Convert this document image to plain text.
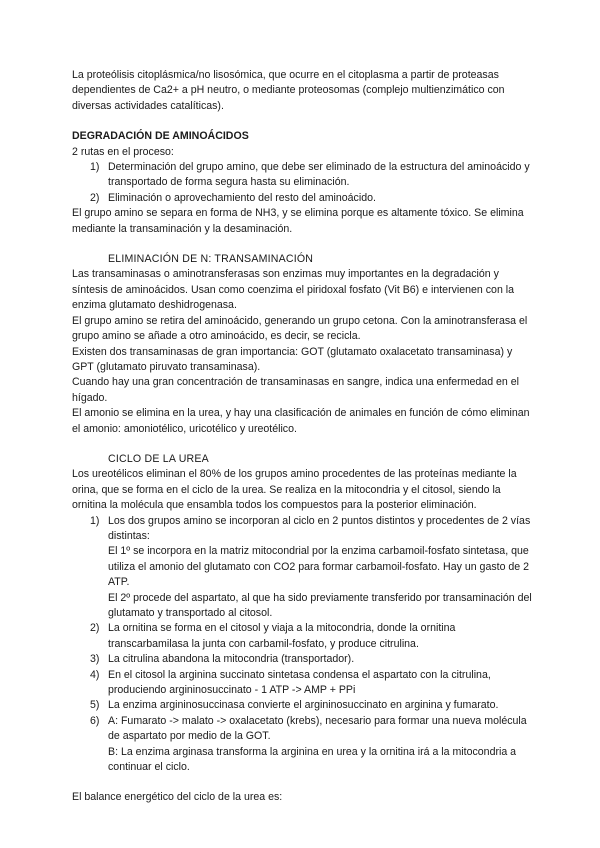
La proteólisis citoplásmica/no lisosómica, que ocurre en el citoplasma a partir de proteasas dependientes de Ca2+ a pH neutro, o mediante proteosomas (complejo multienzimático con diversas actividades catalíticas).

DEGRADACIÓN DE AMINOÁCIDOS

2 rutas en el proceso:

1) Determinación del grupo amino, que debe ser eliminado de la estructura del aminoácido y transportado de forma segura hasta su eliminación.
2) Eliminación o aprovechamiento del resto del aminoácido.

El grupo amino se separa en forma de NH3, y se elimina porque es altamente tóxico. Se elimina mediante la transaminación y la desaminación.

ELIMINACIÓN DE N: TRANSAMINACIÓN

Las transaminasas o aminotransferasas son enzimas muy importantes en la degradación y síntesis de aminoácidos. Usan como coenzima el piridoxal fosfato (Vit B6) e intervienen con la enzima glutamato deshidrogenasa.

El grupo amino se retira del aminoácido, generando un grupo cetona. Con la aminotransferasa el grupo amino se añade a otro aminoácido, es decir, se recicla.

Existen dos transaminasas de gran importancia: GOT (glutamato oxalacetato transaminasa) y GPT (glutamato piruvato transaminasa).

Cuando hay una gran concentración de transaminasas en sangre, indica una enfermedad en el hígado.

El amonio se elimina en la urea, y hay una clasificación de animales en función de cómo eliminan el amonio: amoniotélico, uricotélico y ureotélico.

CICLO DE LA UREA

Los ureotélicos eliminan el 80% de los grupos amino procedentes de las proteínas mediante la orina, que se forma en el ciclo de la urea. Se realiza en la mitocondria y el citosol, siendo la ornitina la molécula que ensambla todos los compuestos para la posterior eliminación.

1) Los dos grupos amino se incorporan al ciclo en 2 puntos distintos y procedentes de 2 vías distintas:
El 1º se incorpora en la matriz mitocondrial por la enzima carbamoil-fosfato sintetasa, que utiliza el amonio del glutamato con CO2 para formar carbamoil-fosfato. Hay un gasto de 2 ATP.
El 2º procede del aspartato, al que ha sido previamente transferido por transaminación del glutamato y transportado al citosol.
2) La ornitina se forma en el citosol y viaja a la mitocondria, donde la ornitina transcarbamilasa la junta con carbamil-fosfato, y produce citrulina.
3) La citrulina abandona la mitocondria (transportador).
4) En el citosol la arginina succinato sintetasa condensa el aspartato con la citrulina, produciendo argininosuccinato - 1 ATP -> AMP + PPi
5) La enzima argininosuccinasa convierte el argininosuccinato en arginina y fumarato.
6) A: Fumarato -> malato -> oxalacetato (krebs), necesario para formar una nueva molécula de aspartato por medio de la GOT.
B: La enzima arginasa transforma la arginina en urea y la ornitina irá a la mitocondria a continuar el ciclo.

El balance energético del ciclo de la urea es:
